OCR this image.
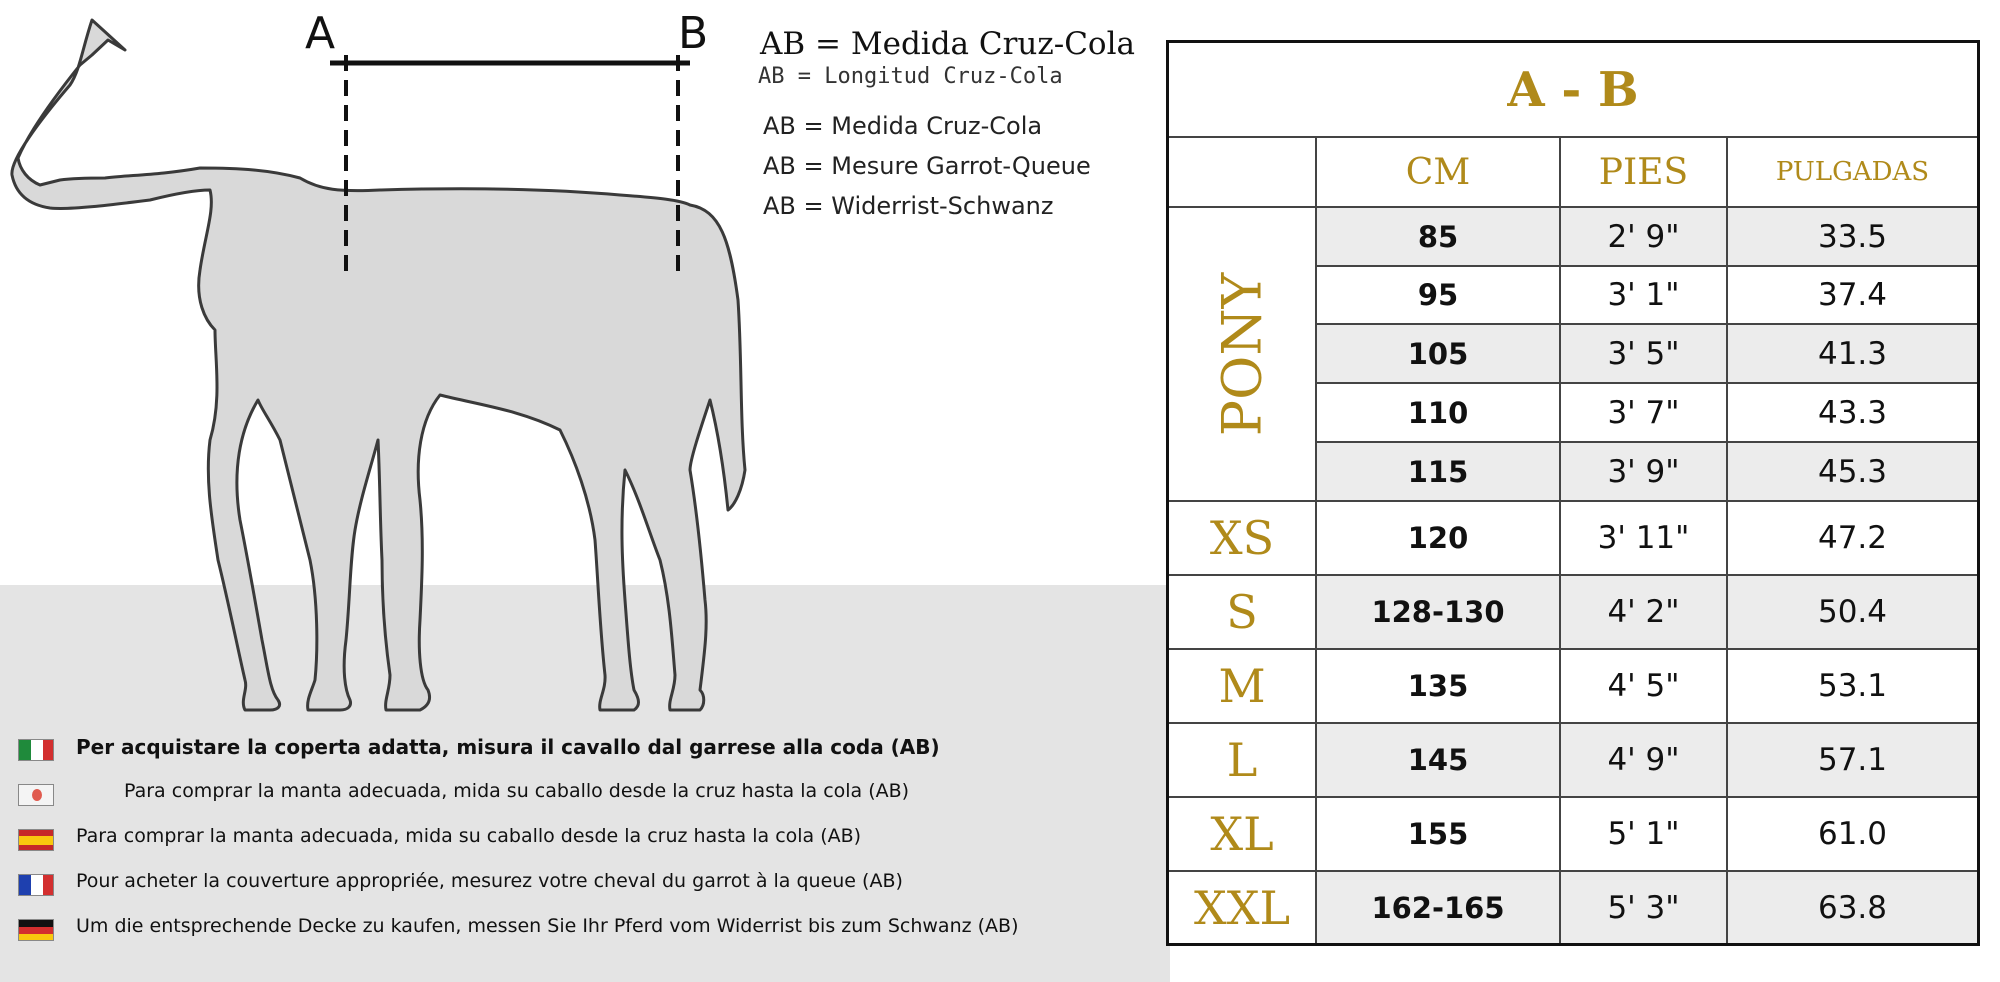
A	B AB = Medida Cruz-Cola
AB = Longitud Cruz-Cola
AB = Medida Cruz-Cola
AB = Mesure Garrot-Queue
AB = Widerrist-Schwanz
Per acquistare la coperta adatta, misura il cavallo dal garrese alla coda (AB)
Para comprar la manta adecuada, mida su caballo desde la cruz hasta la cola (AB)
Para comprar la manta adecuada, mida su caballo desde la cruz hasta la cola (AB)
Pour acheter la couverture appropriée, mesurez votre cheval du garrot à la queue (AB)
Um die entsprechende Decke zu kaufen, messen Sie Ihr Pferd vom Widerrist bis zum Schwanz (AB)
A - B
CM	PIES	PULGADAS
PONY
85	2' 9"	33.5
95	3' 1"	37.4
105	3' 5"	41.3
110	3' 7"	43.3
115	3' 9"	45.3
XS	120	3' 11"	47.2
S	128-130	4' 2"	50.4
M	135	4' 5"	53.1
L	145	4' 9"	57.1
XL	155	5' 1"	61.0
XXL	162-165	5' 3"	63.8
